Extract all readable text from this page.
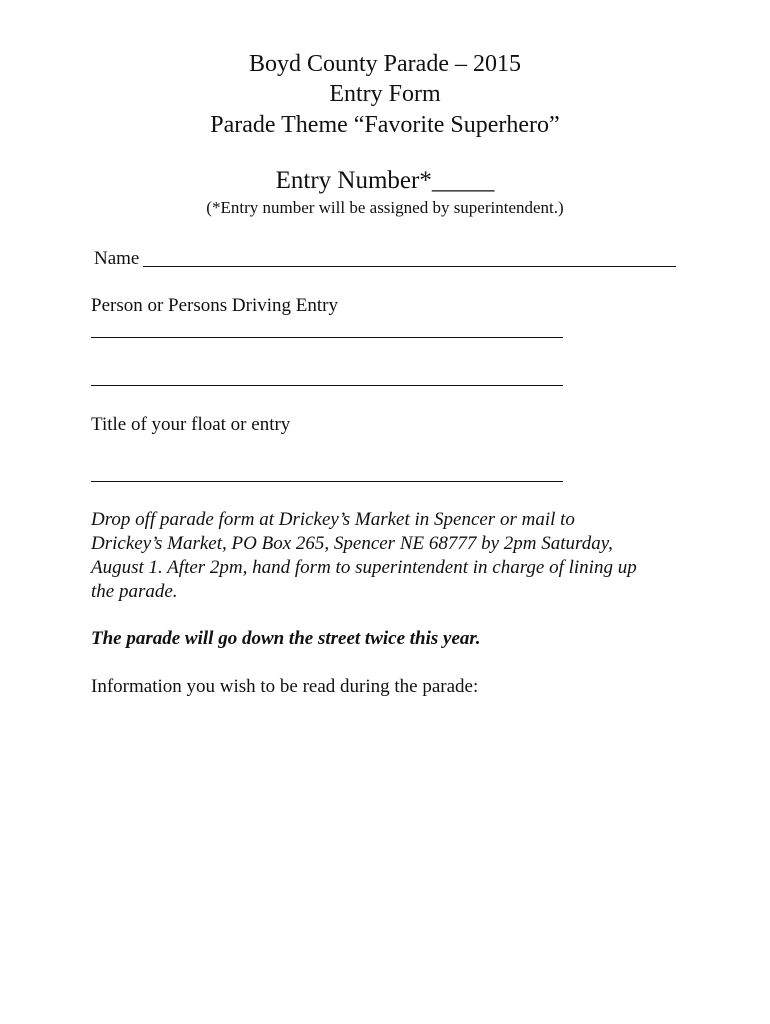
Boyd County Parade – 2015
Entry Form
Parade Theme “Favorite Superhero”
Entry Number*_____
(*Entry number will be assigned by superintendent.)
Name
Person or Persons Driving Entry
Title of your float or entry
Drop off parade form at Drickey’s Market in Spencer or mail to
Drickey’s Market, PO Box 265, Spencer NE 68777 by 2pm Saturday,
August 1. After 2pm, hand form to superintendent in charge of lining up
the parade.
The parade will go down the street twice this year.
Information you wish to be read during the parade:
